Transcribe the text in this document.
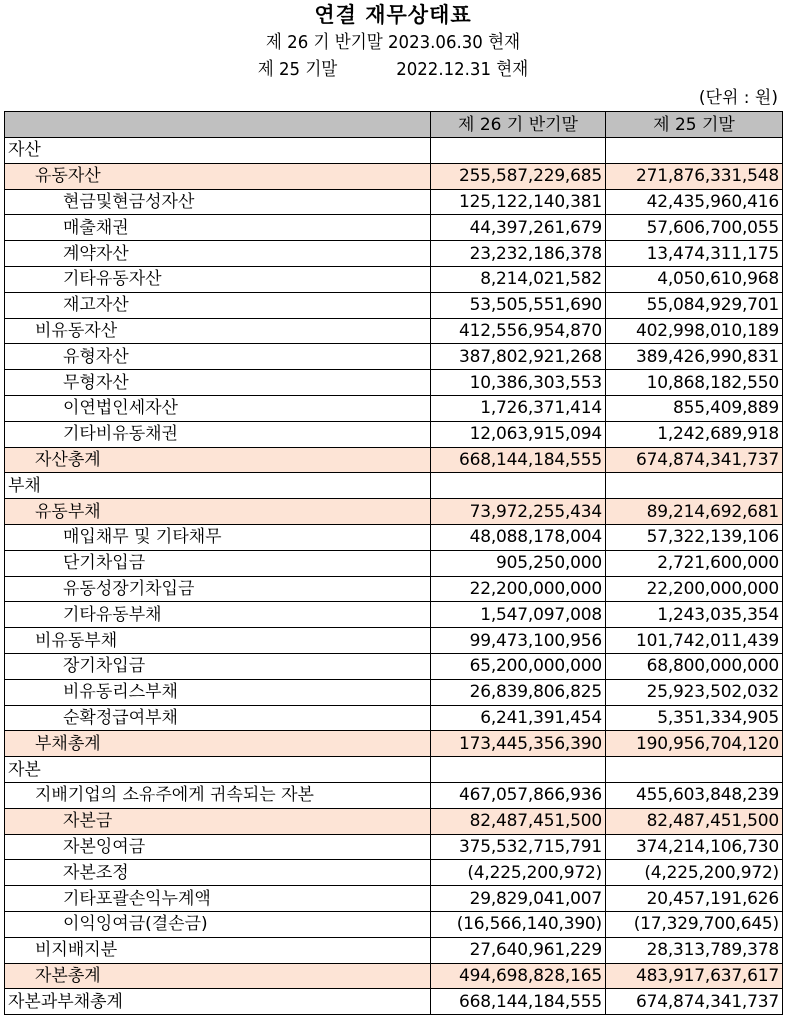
연결 재무상태표
제 26 기 반기말 2023.06.30 현재
제 25 기말	2022.12.31 현재
(단위 : 원)
	제 26 기 반기말	제 25 기말
자산		
유동자산	255,587,229,685	271,876,331,548
현금및현금성자산	125,122,140,381	42,435,960,416
매출채권	44,397,261,679	57,606,700,055
계약자산	23,232,186,378	13,474,311,175
기타유동자산	8,214,021,582	4,050,610,968
재고자산	53,505,551,690	55,084,929,701
비유동자산	412,556,954,870	402,998,010,189
유형자산	387,802,921,268	389,426,990,831
무형자산	10,386,303,553	10,868,182,550
이연법인세자산	1,726,371,414	855,409,889
기타비유동채권	12,063,915,094	1,242,689,918
자산총계	668,144,184,555	674,874,341,737
부채		
유동부채	73,972,255,434	89,214,692,681
매입채무 및 기타채무	48,088,178,004	57,322,139,106
단기차입금	905,250,000	2,721,600,000
유동성장기차입금	22,200,000,000	22,200,000,000
기타유동부채	1,547,097,008	1,243,035,354
비유동부채	99,473,100,956	101,742,011,439
장기차입금	65,200,000,000	68,800,000,000
비유동리스부채	26,839,806,825	25,923,502,032
순확정급여부채	6,241,391,454	5,351,334,905
부채총계	173,445,356,390	190,956,704,120
자본		
지배기업의 소유주에게 귀속되는 자본	467,057,866,936	455,603,848,239
자본금	82,487,451,500	82,487,451,500
자본잉여금	375,532,715,791	374,214,106,730
자본조정	(4,225,200,972)	(4,225,200,972)
기타포괄손익누계액	29,829,041,007	20,457,191,626
이익잉여금(결손금)	(16,566,140,390)	(17,329,700,645)
비지배지분	27,640,961,229	28,313,789,378
자본총계	494,698,828,165	483,917,637,617
자본과부채총계	668,144,184,555	674,874,341,737
